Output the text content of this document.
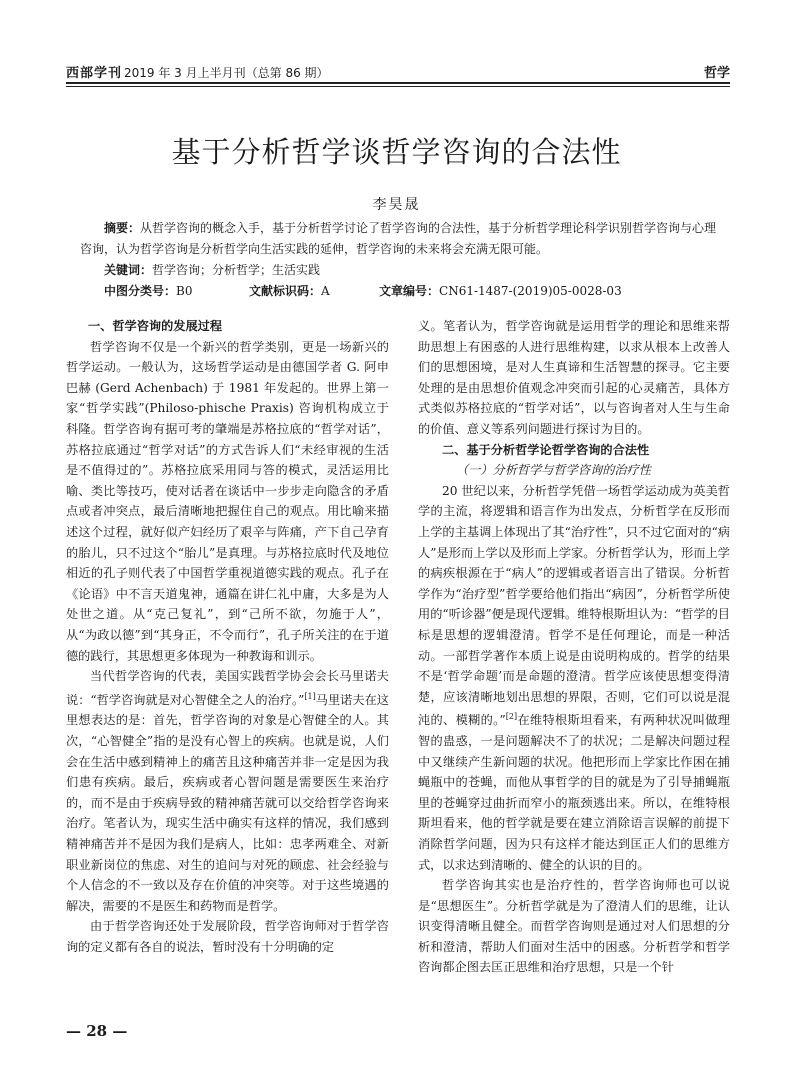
西部学刊 2019 年 3 月上半月刊（总第 86 期）	哲学
基于分析哲学谈哲学咨询的合法性
李昊晟

摘要：从哲学咨询的概念入手，基于分析哲学讨论了哲学咨询的合法性，基于分析哲学理论科学识别哲学咨询与心理咨询，认为哲学咨询是分析哲学向生活实践的延伸，哲学咨询的未来将会充满无限可能。

关键词：哲学咨询；分析哲学；生活实践

中图分类号：B0	文献标识码：A	文章编号：CN61-1487-(2019)05-0028-03

一、哲学咨询的发展过程

哲学咨询不仅是一个新兴的哲学类别，更是一场新兴的哲学运动。一般认为，这场哲学运动是由德国学者 G. 阿申巴赫 (Gerd Achenbach) 于 1981 年发起的。世界上第一家“哲学实践”(Philoso-phische Praxis) 咨询机构成立于科隆。哲学咨询有据可考的肇端是苏格拉底的“哲学对话”，苏格拉底通过“哲学对话”的方式告诉人们“未经审视的生活是不值得过的”。苏格拉底采用同与答的模式，灵活运用比喻、类比等技巧，使对话者在谈话中一步步走向隐含的矛盾点或者冲突点，最后清晰地把握住自己的观点。用比喻来描述这个过程，就好似产妇经历了艰辛与阵痛，产下自己孕育的胎儿，只不过这个“胎儿”是真理。与苏格拉底时代及地位相近的孔子则代表了中国哲学重视道德实践的观点。孔子在《论语》中不言天道鬼神，通篇在讲仁礼中庸，大多是为人处世之道。从“克己复礼”，到“己所不欲，勿施于人”，从“为政以德”到“其身正，不令而行”，孔子所关注的在于道德的践行，其思想更多体现为一种教诲和训示。

当代哲学咨询的代表，美国实践哲学协会会长马里诺夫说：“哲学咨询就是对心智健全之人的治疗。”[1]马里诺夫在这里想表达的是：首先，哲学咨询的对象是心智健全的人。其次，“心智健全”指的是没有心智上的疾病。也就是说，人们会在生活中感到精神上的痛苦且这种痛苦并非一定是因为我们患有疾病。最后，疾病或者心智问题是需要医生来治疗的，而不是由于疾病导致的精神痛苦就可以交给哲学咨询来治疗。笔者认为，现实生活中确实有这样的情况，我们感到精神痛苦并不是因为我们是病人，比如：忠孝两难全、对新职业新岗位的焦虑、对生的追问与对死的顾虑、社会经验与个人信念的不一致以及存在价值的冲突等。对于这些境遇的解决，需要的不是医生和药物而是哲学。

由于哲学咨询还处于发展阶段，哲学咨询师对于哲学咨询的定义都有各自的说法，暂时没有十分明确的定

义。笔者认为，哲学咨询就是运用哲学的理论和思维来帮助思想上有困惑的人进行思维构建，以求从根本上改善人们的思想困境，是对人生真谛和生活智慧的探寻。它主要处理的是由思想价值观念冲突而引起的心灵痛苦，具体方式类似苏格拉底的“哲学对话”，以与咨询者对人生与生命的价值、意义等系列问题进行探讨为目的。

二、基于分析哲学论哲学咨询的合法性

（一）分析哲学与哲学咨询的治疗性

20 世纪以来，分析哲学凭借一场哲学运动成为英美哲学的主流，将逻辑和语言作为出发点，分析哲学在反形而上学的主基调上体现出了其“治疗性”，只不过它面对的“病人”是形而上学以及形而上学家。分析哲学认为，形而上学的病疾根源在于“病人”的逻辑或者语言出了错误。分析哲学作为“治疗型”哲学要给他们指出“病因”，分析哲学所使用的“听诊器”便是现代逻辑。维特根斯坦认为：“哲学的目标是思想的逻辑澄清。哲学不是任何理论，而是一种活动。一部哲学著作本质上说是由说明构成的。哲学的结果不是‘哲学命题’而是命题的澄清。哲学应该使思想变得清楚，应该清晰地划出思想的界限，否则，它们可以说是混沌的、模糊的。”[2]在维特根斯坦看来，有两种状况叫做理智的蛊惑，一是问题解决不了的状况；二是解决问题过程中又继续产生新问题的状况。他把形而上学家比作困在捕蝇瓶中的苍蝇，而他从事哲学的目的就是为了引导捕蝇瓶里的苍蝇穿过曲折而窄小的瓶颈逃出来。所以，在维特根斯坦看来，他的哲学就是要在建立消除语言误解的前提下消除哲学问题，因为只有这样才能达到匡正人们的思维方式，以求达到清晰的、健全的认识的目的。

哲学咨询其实也是治疗性的，哲学咨询师也可以说是“思想医生”。分析哲学就是为了澄清人们的思维，让认识变得清晰且健全。而哲学咨询则是通过对人们思想的分析和澄清，帮助人们面对生活中的困惑。分析哲学和哲学咨询都企图去匡正思维和治疗思想，只是一个针

— 28 —
